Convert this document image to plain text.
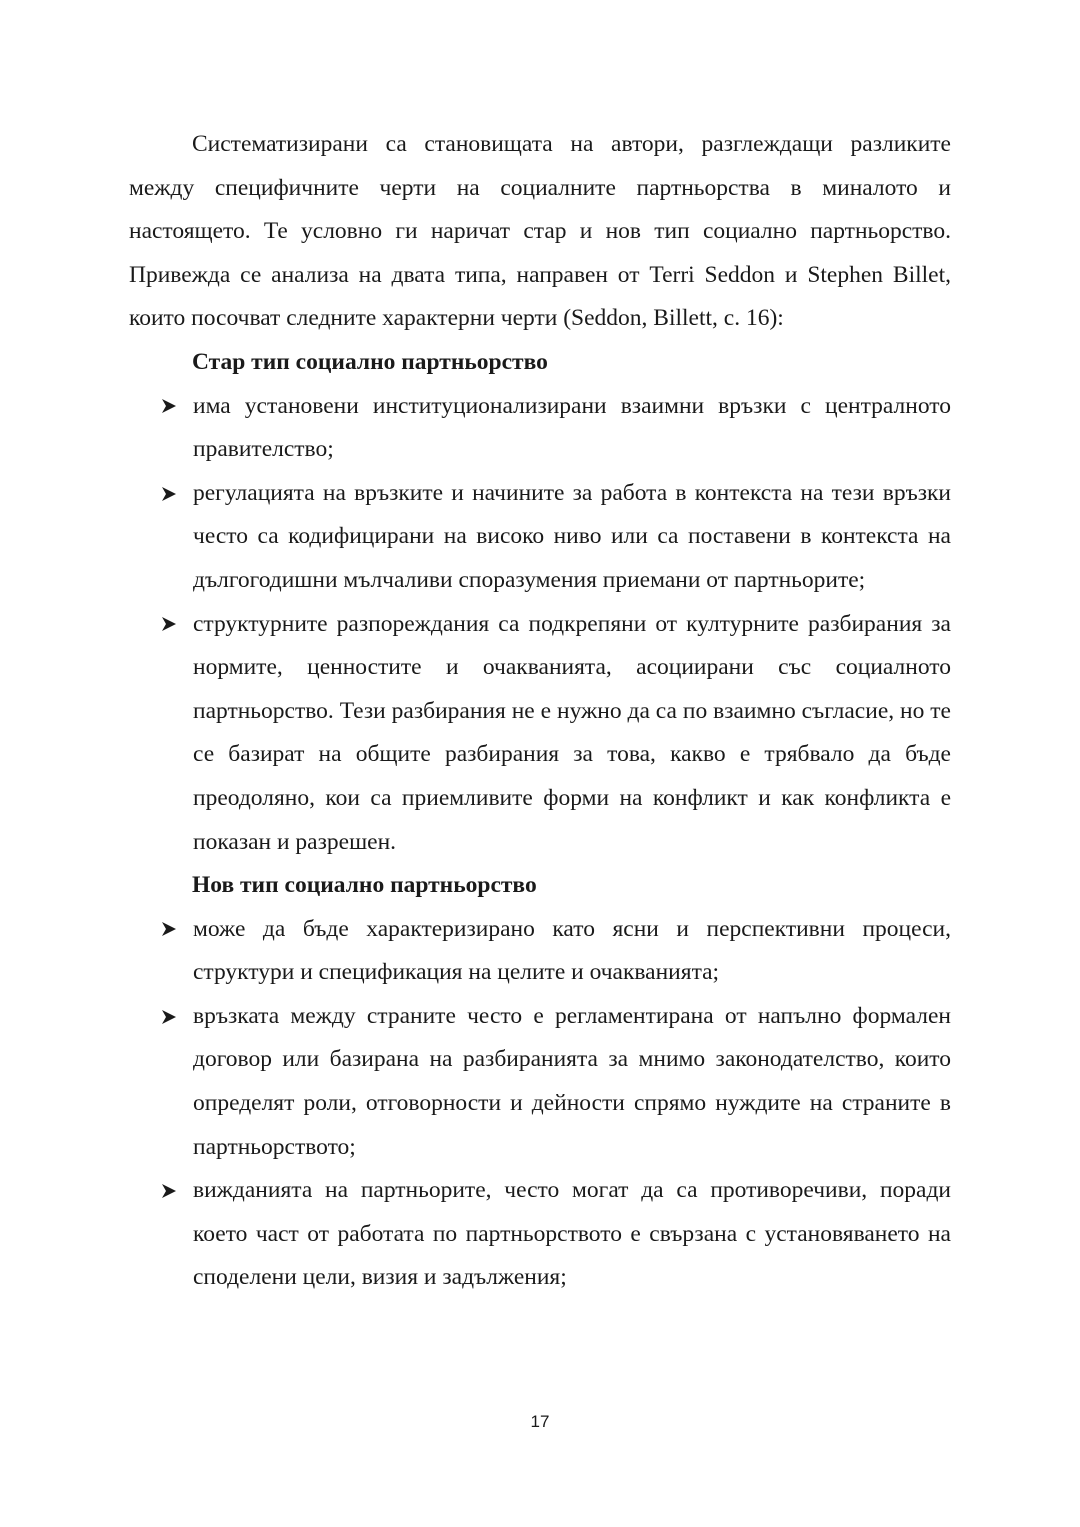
Систематизирани са становищата на автори, разглеждащи разликите между специфичните черти на социалните партньорства в миналото и настоящето. Те условно ги наричат стар и нов тип социално партньорство. Привежда се анализа на двата типа, направен от Terri Seddon и Stephen Billet, които посочват следните характерни черти (Seddon, Billett, с. 16):

Стар тип социално партньорство

има установени институционализирани взаимни връзки с централното правителство;
регулацията на връзките и начините за работа в контекста на тези връзки често са кодифицирани на високо ниво или са поставени в контекста на дългогодишни мълчаливи споразумения приемани от партньорите;
структурните разпореждания са подкрепяни от културните разбирания за нормите, ценностите и очакванията, асоциирани със социалното партньорство. Тези разбирания не е нужно да са по взаимно съгласие, но те се базират на общите разбирания за това, какво е трябвало да бъде преодоляно, кои са приемливите форми на конфликт и как конфликта е показан и разрешен.

Нов тип социално партньорство

може да бъде характеризирано като ясни и перспективни процеси, структури и спецификация на целите и очакванията;
връзката между страните често е регламентирана от напълно формален договор или базирана на разбиранията за мнимо законодателство, които определят роли, отговорности и дейности спрямо нуждите на страните в партньорството;
вижданията на партньорите, често могат да са противоречиви, поради което част от работата по партньорството е свързана с установяването на споделени цели, визия и задължения;
17
